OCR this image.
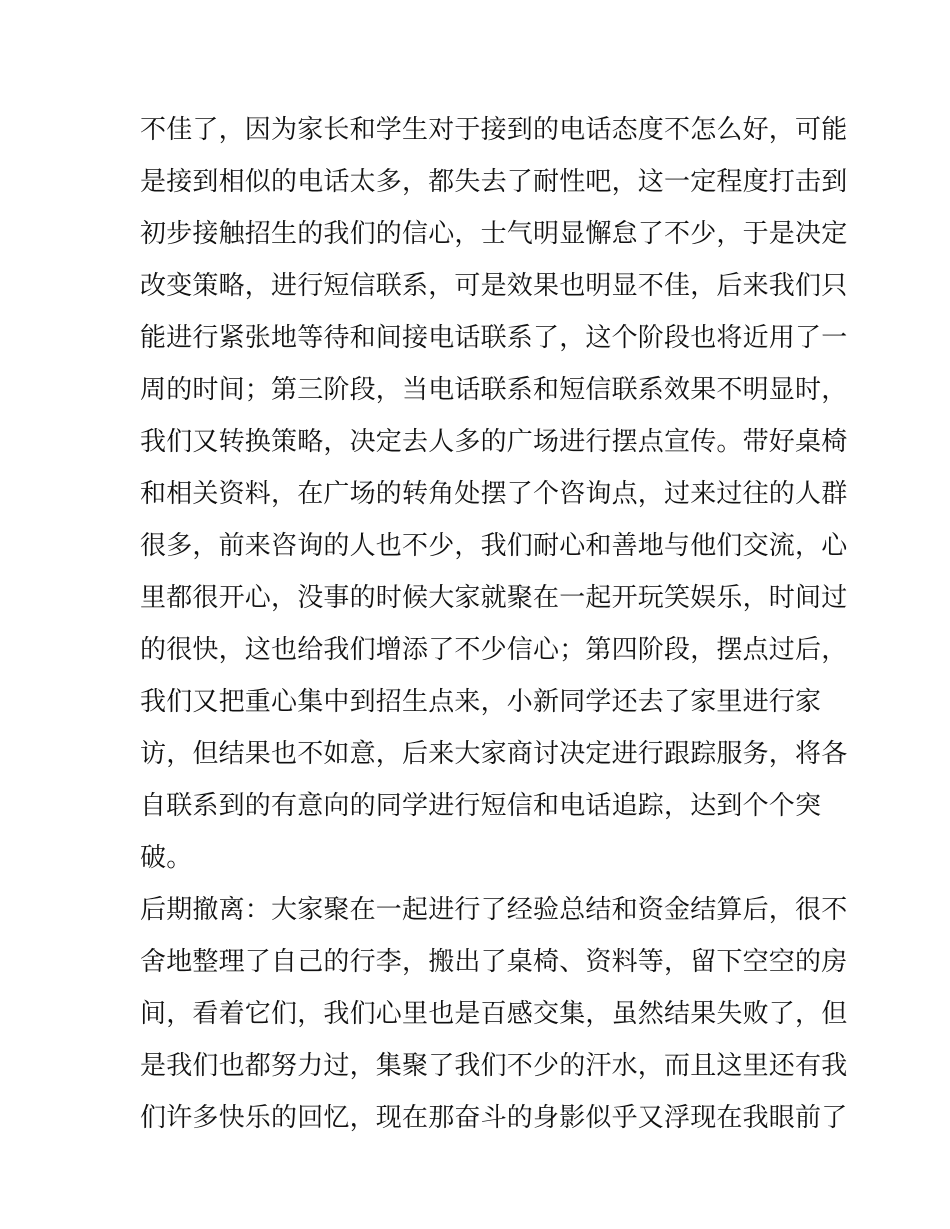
不佳了，因为家长和学生对于接到的电话态度不怎么好，可能
是接到相似的电话太多，都失去了耐性吧，这一定程度打击到
初步接触招生的我们的信心，士气明显懈怠了不少，于是决定
改变策略，进行短信联系，可是效果也明显不佳，后来我们只
能进行紧张地等待和间接电话联系了，这个阶段也将近用了一
周的时间；第三阶段，当电话联系和短信联系效果不明显时，
我们又转换策略，决定去人多的广场进行摆点宣传。带好桌椅
和相关资料，在广场的转角处摆了个咨询点，过来过往的人群
很多，前来咨询的人也不少，我们耐心和善地与他们交流，心
里都很开心，没事的时候大家就聚在一起开玩笑娱乐，时间过
的很快，这也给我们增添了不少信心；第四阶段，摆点过后，
我们又把重心集中到招生点来，小新同学还去了家里进行家
访，但结果也不如意，后来大家商讨决定进行跟踪服务，将各
自联系到的有意向的同学进行短信和电话追踪，达到个个突
破。
后期撤离：大家聚在一起进行了经验总结和资金结算后，很不
舍地整理了自己的行李，搬出了桌椅、资料等，留下空空的房
间，看着它们，我们心里也是百感交集，虽然结果失败了，但
是我们也都努力过，集聚了我们不少的汗水，而且这里还有我
们许多快乐的回忆，现在那奋斗的身影似乎又浮现在我眼前了
